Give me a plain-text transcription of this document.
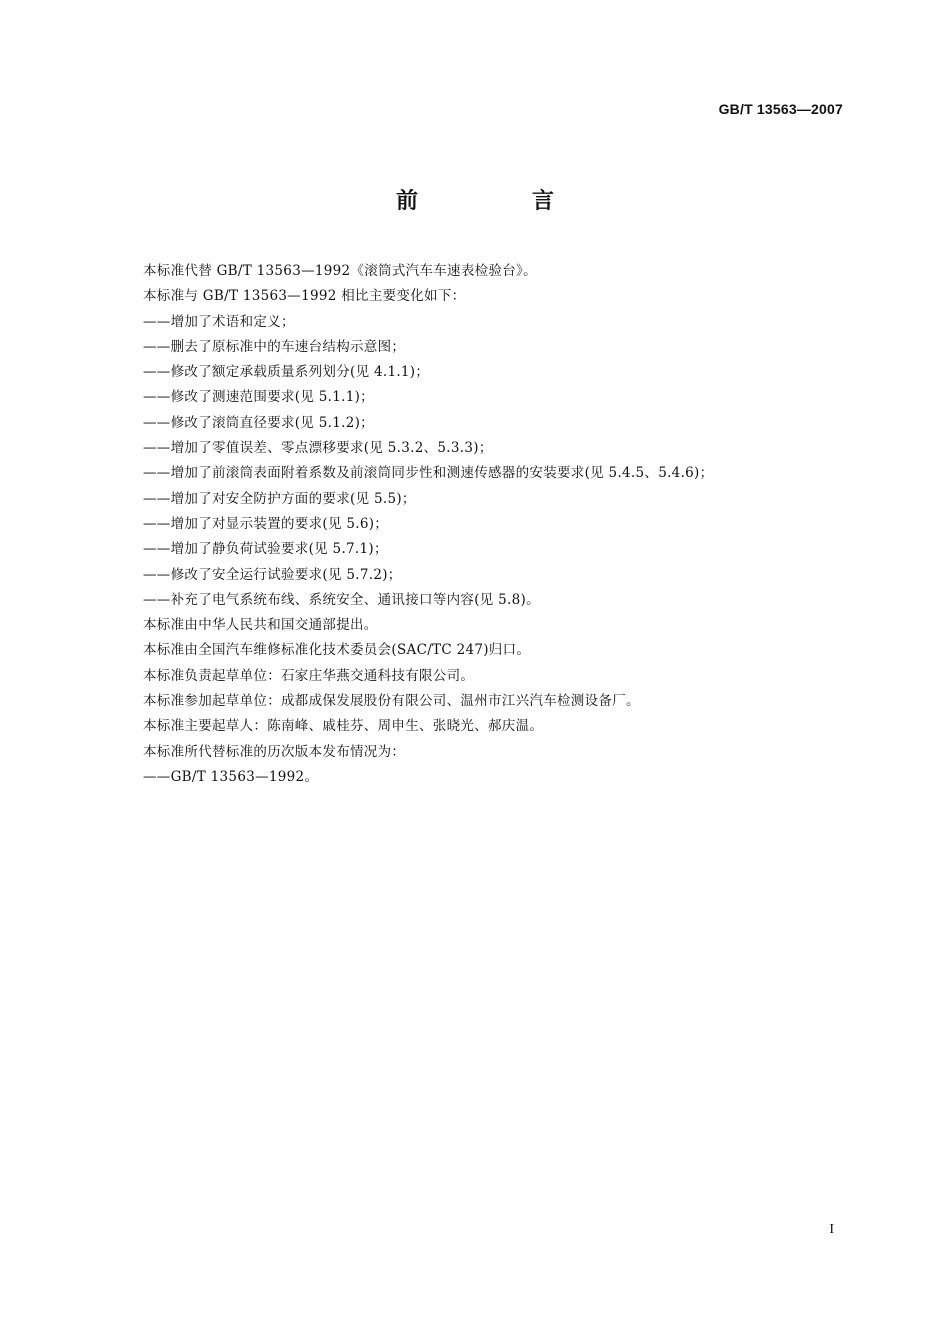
GB/T 13563—2007
前　言
本标准代替 GB/T 13563—1992《滚筒式汽车车速表检验台》。
本标准与 GB/T 13563—1992 相比主要变化如下：
——增加了术语和定义；
——删去了原标准中的车速台结构示意图；
——修改了额定承载质量系列划分(见 4.1.1)；
——修改了测速范围要求(见 5.1.1)；
——修改了滚筒直径要求(见 5.1.2)；
——增加了零值误差、零点漂移要求(见 5.3.2、5.3.3)；
——增加了前滚筒表面附着系数及前滚筒同步性和测速传感器的安装要求(见 5.4.5、5.4.6)；
——增加了对安全防护方面的要求(见 5.5)；
——增加了对显示装置的要求(见 5.6)；
——增加了静负荷试验要求(见 5.7.1)；
——修改了安全运行试验要求(见 5.7.2)；
——补充了电气系统布线、系统安全、通讯接口等内容(见 5.8)。
本标准由中华人民共和国交通部提出。
本标准由全国汽车维修标准化技术委员会(SAC/TC 247)归口。
本标准负责起草单位：石家庄华燕交通科技有限公司。
本标准参加起草单位：成都成保发展股份有限公司、温州市江兴汽车检测设备厂。
本标准主要起草人：陈南峰、戚桂芬、周申生、张晓光、郝庆温。
本标准所代替标准的历次版本发布情况为：
——GB/T 13563—1992。
I
